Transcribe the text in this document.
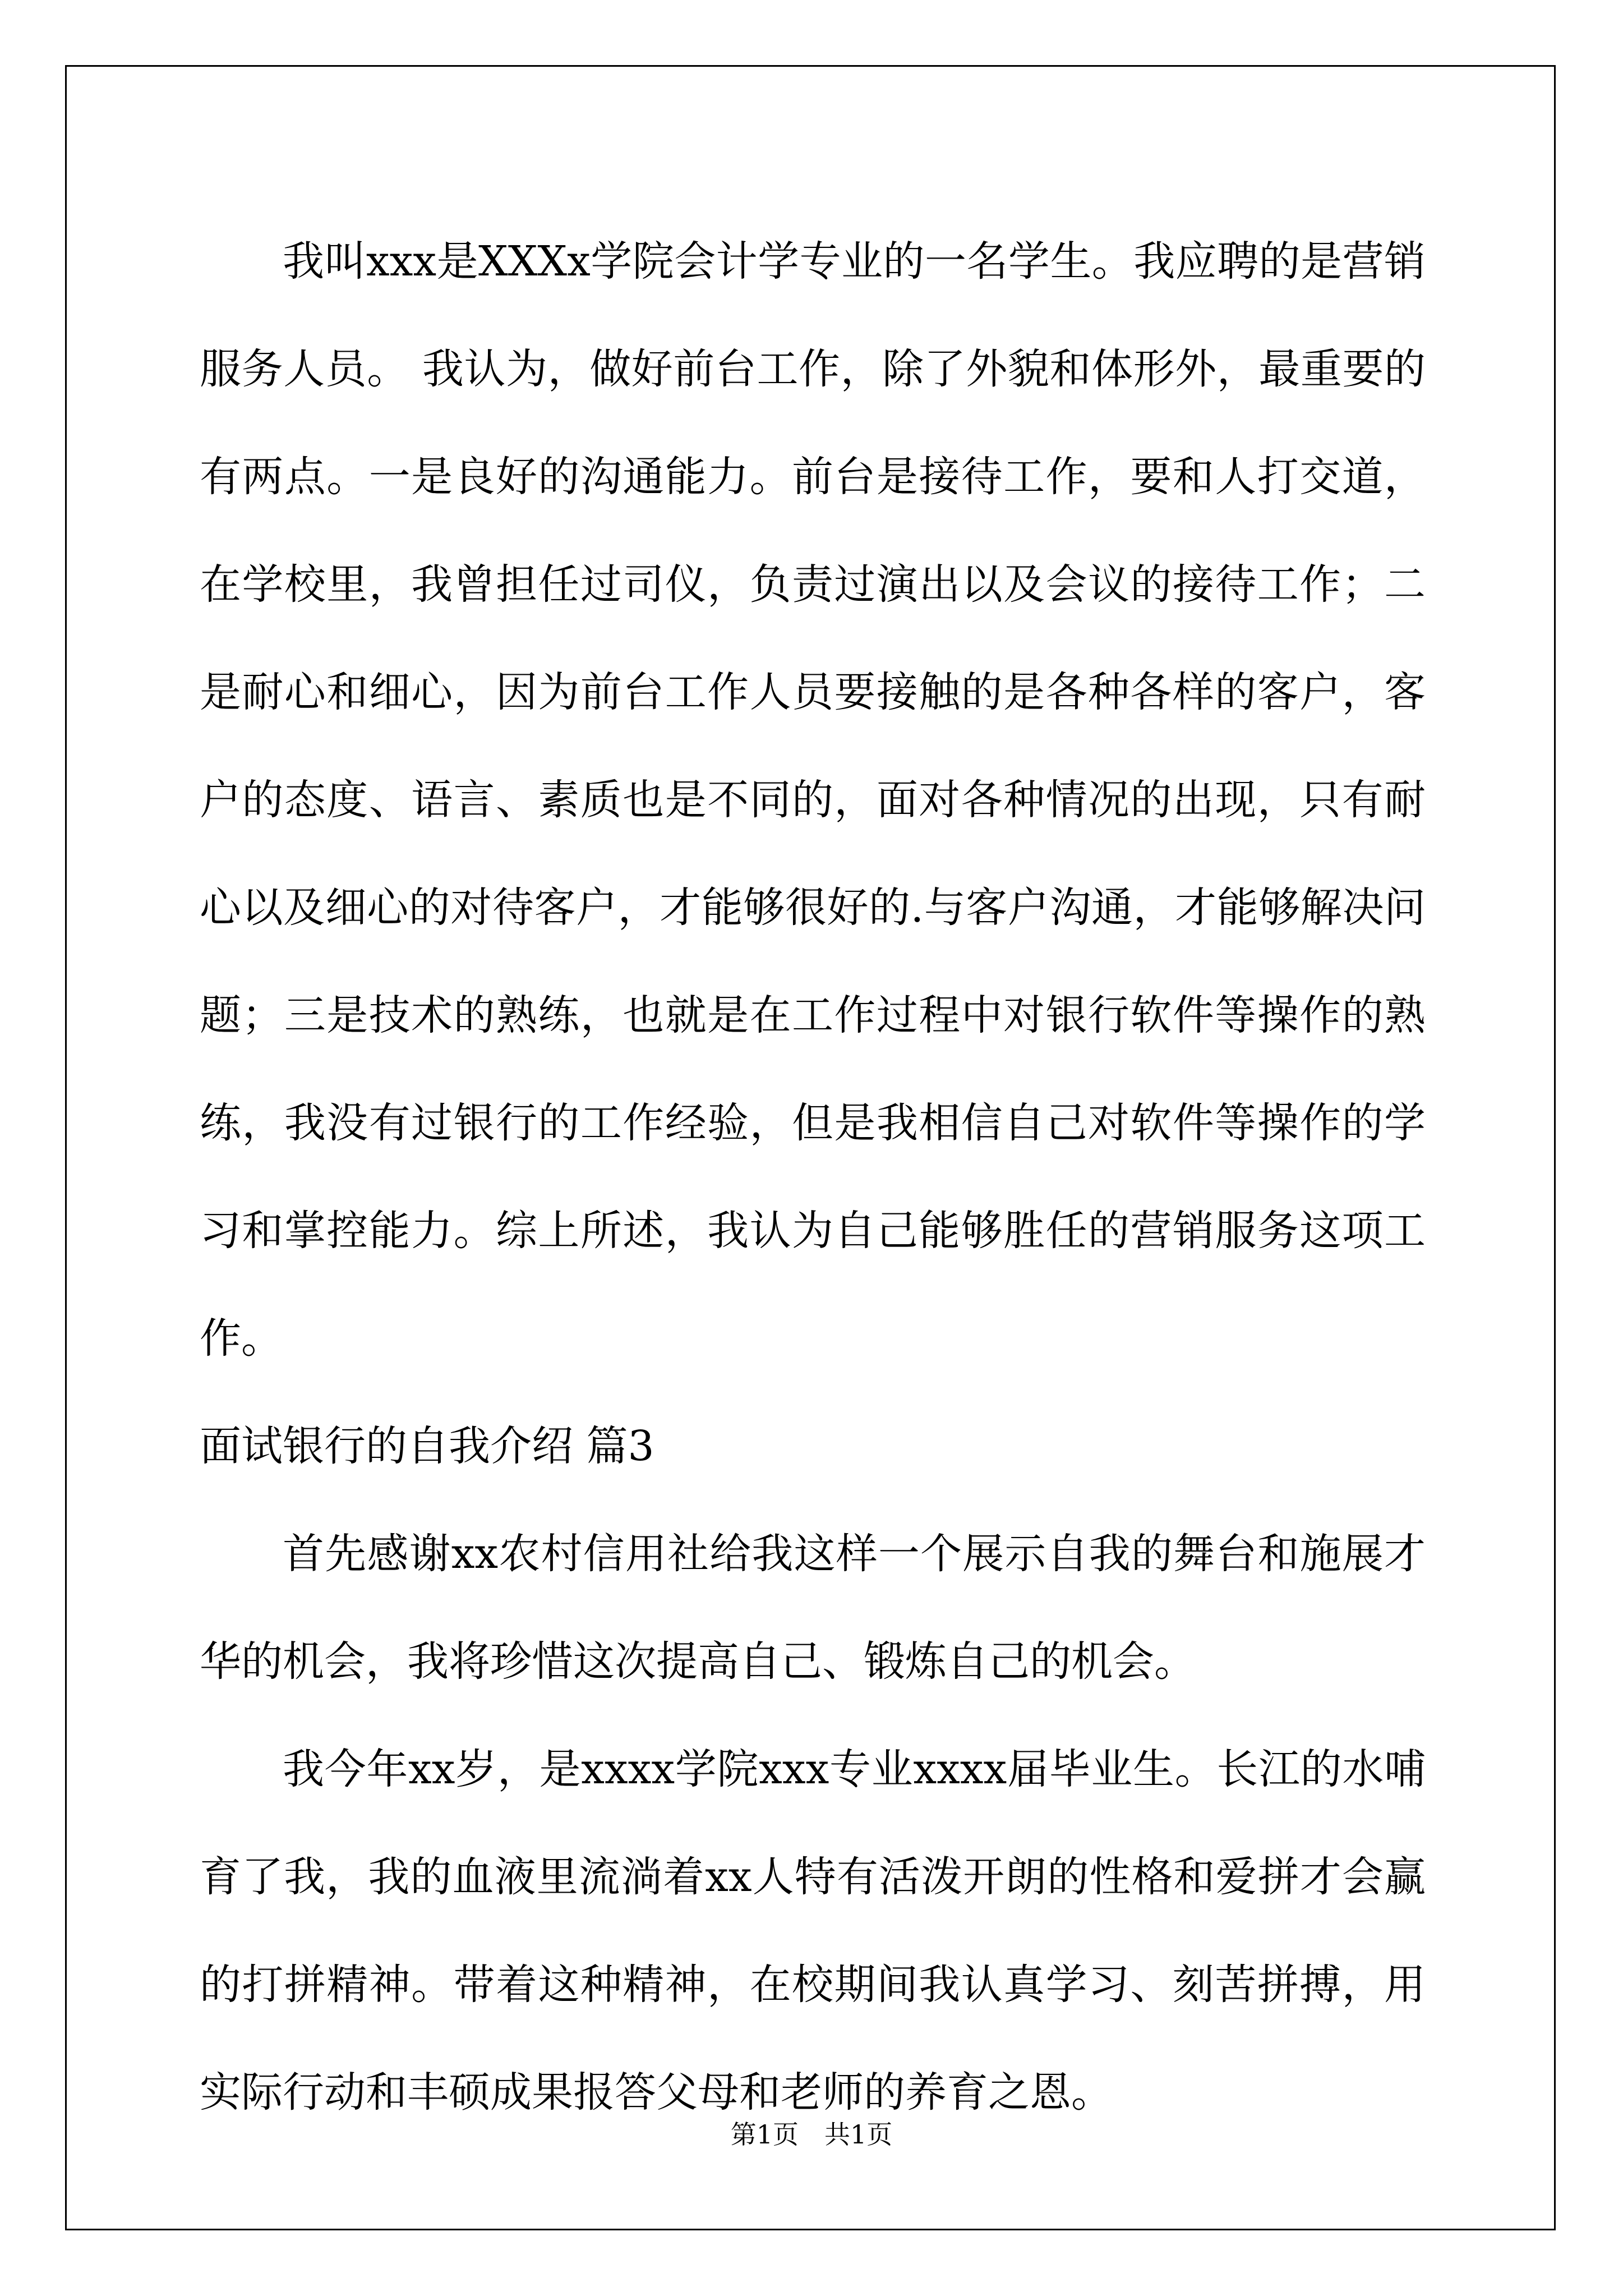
我叫xxx是XXXx学院会计学专业的一名学生。我应聘的是营销服务人员。 我认为，做好前台工作，除了外貌和体形外，最重要的有两点。一是良好的沟通能力。前台是接待工作，要和人打交道，在学校里，我曾担任过司仪，负责过演出以及会议的接待工作；二是耐心和细心，因为前台工作人员要接触的是各种各样的客户，客户的态度、语言、素质也是不同的，面对各种情况的出现，只有耐心以及细心的对待客户，才能够很好的.与客户沟通，才能够解决问题；三是技术的熟练，也就是在工作过程中对银行软件等操作的熟练，我没有过银行的工作经验，但是我相信自己对软件等操作的学习和掌控能力。综上所述，我认为自己能够胜任的营销服务这项工作。

面试银行的自我介绍 篇3

首先感谢xx农村信用社给我这样一个展示自我的舞台和施展才华的机会，我将珍惜这次提高自己、锻炼自己的机会。

我今年xx岁，是xxxx学院xxx专业xxxx届毕业生。长江的水哺育了我，我的血液里流淌着xx人特有活泼开朗的性格和爱拼才会赢的打拼精神。带着这种精神，在校期间我认真学习、刻苦拼搏，用实际行动和丰硕成果报答父母和老师的养育之恩。

第1页　共1页
